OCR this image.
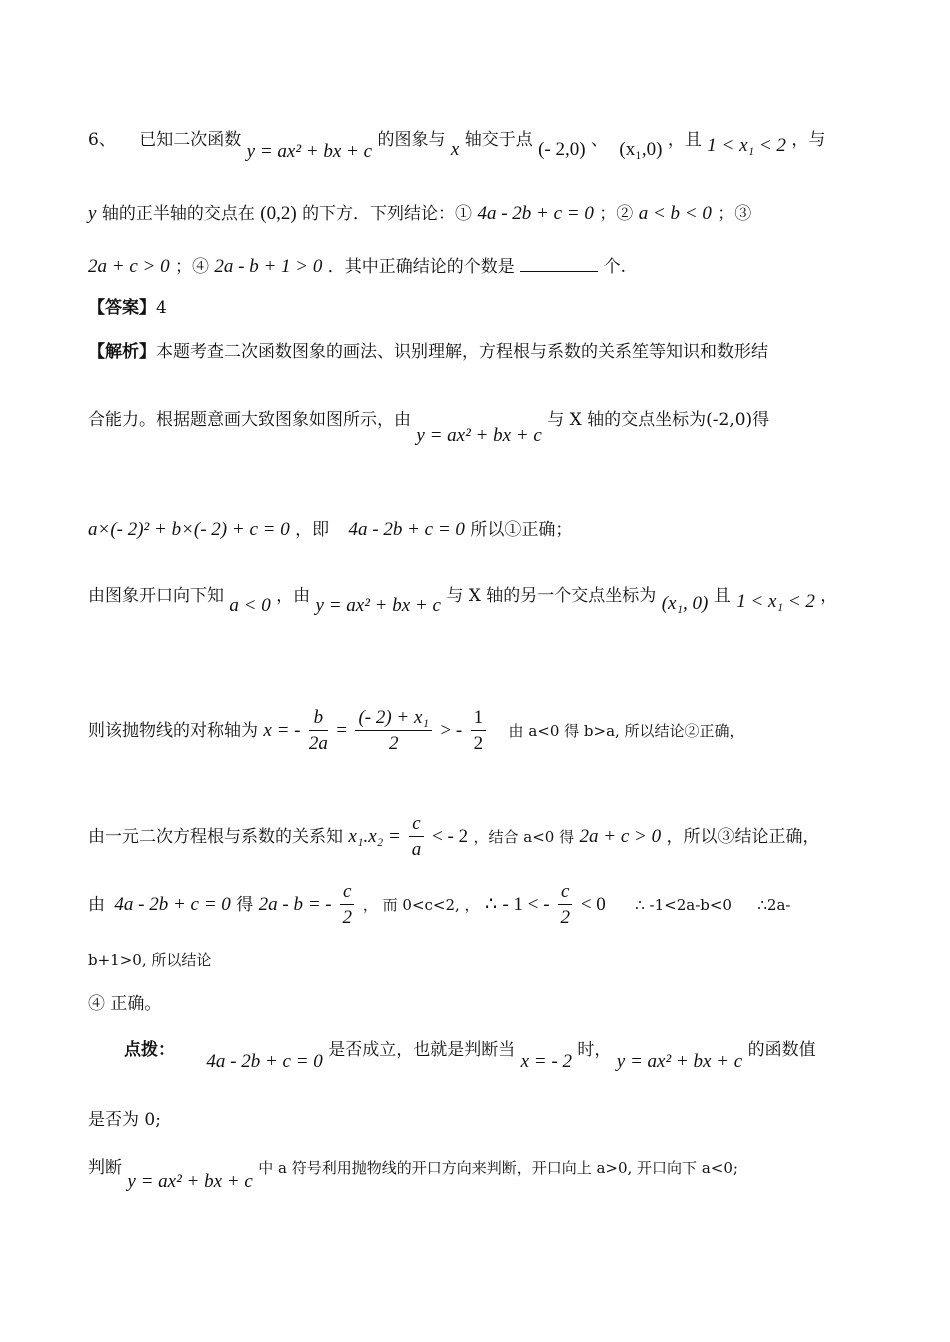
6、 已知二次函数 y = ax² + bx + c 的图象与 x 轴交于点 (- 2,0) 、 (x₁,0) ，且 1 < x₁ < 2 ，与
y 轴的正半轴的交点在 (0,2) 的下方．下列结论：① 4a - 2b + c = 0 ；② a < b < 0 ；③
2a + c > 0 ；④ 2a - b + 1 > 0 ．其中正确结论的个数是	个.
【答案】4
【解析】本题考查二次函数图象的画法、识别理解，方程根与系数的关系笙等知识和数形结
合能力。根据题意画大致图象如图所示，由 y = ax² + bx + c 与 X 轴的交点坐标为(-2,0)得
a×(- 2)² + b×(- 2) + c = 0 ，即 4a - 2b + c = 0 所以①正确；
由图象开口向下知 a < 0 ，由 y = ax² + bx + c 与 X 轴的另一个交点坐标为 (x₁, 0) 且 1 < x₁ < 2 ，
则该抛物线的对称轴为 x = - $\frac{b}{2a} = \frac{\text{(- 2) + x₁}}{2}$ > - $\frac{1}{2}$ 由 a<0 得 b>a, 所以结论②正确，
由一元二次方程根与系数的关系知 $x_1.x_2 = \frac{c}{a}$ < - 2 ，结合 a<0 得 2a + c > 0 ，所以③结论正确，
由 4a - 2b + c = 0 得 2a - b = - $\frac{c}{2}$ ， 而 0<c<2, ， ∴ - 1 < - $\frac{c}{2} < 0$ ∴ -1<2a-b<0 ∴2a-
b+1>0, 所以结论
④ 正确。
点拨： 4a - 2b + c = 0 是否成立，也就是判断当 x = - 2 时， y = ax² + bx + c 的函数值
是否为 0;
判断 y = ax² + bx + c 中 a 符号利用抛物线的开口方向来判断，开口向上 a>0, 开口向下 a<0;
